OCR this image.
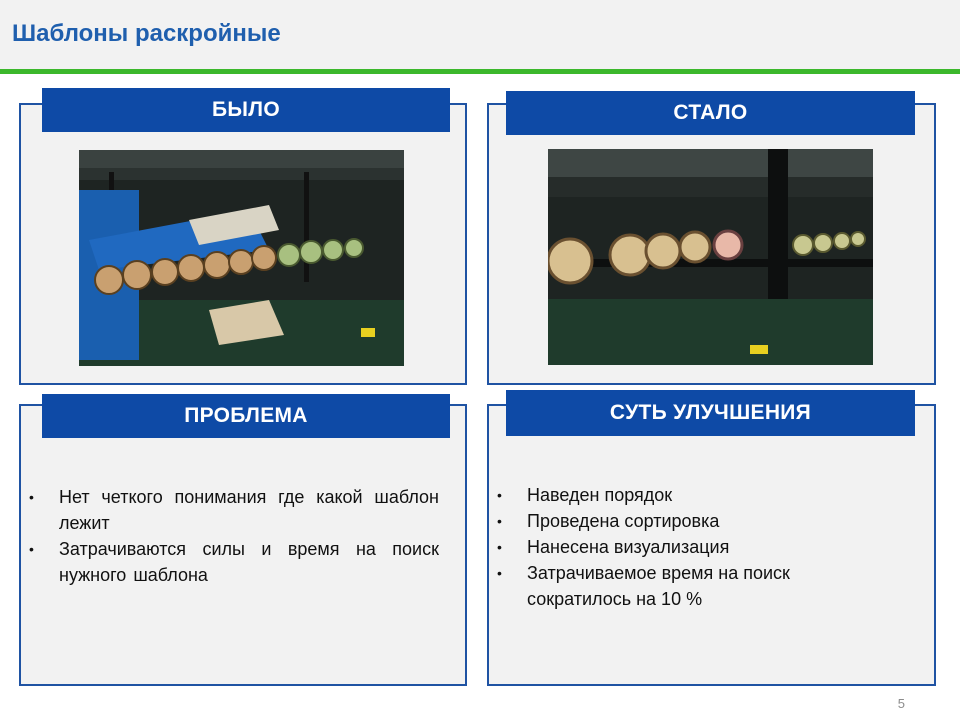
Шаблоны раскройные
БЫЛО	СТАЛО
ПРОБЛЕМА
• Нет четкого понимания где какой шаблон лежит
• Затрачиваются силы и время на поиск нужного шаблона
СУТЬ УЛУЧШЕНИЯ
• Наведен порядок
• Проведена сортировка
• Нанесена визуализация
• Затрачиваемое время на поиск сократилось на 10 %
5
